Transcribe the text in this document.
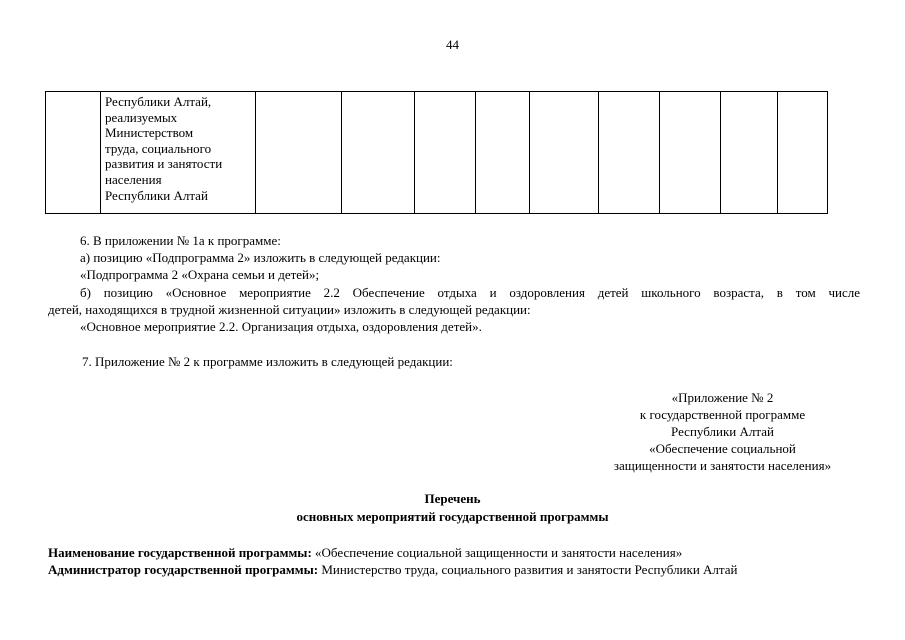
44

Республики Алтай,
реализуемых
Министерством
труда, социального
развития и занятости
населения
Республики Алтай

6. В приложении № 1а к программе:
а) позицию «Подпрограмма 2» изложить в следующей редакции:
«Подпрограмма 2 «Охрана семьи и детей»;
б) позицию «Основное мероприятие 2.2 Обеспечение отдыха и оздоровления детей школьного возраста, в том числе
детей, находящихся в трудной жизненной ситуации» изложить в следующей редакции:
«Основное мероприятие 2.2. Организация отдыха, оздоровления детей».
7. Приложение № 2 к программе изложить в следующей редакции:
«Приложение № 2
к государственной программе
Республики Алтай
«Обеспечение социальной
защищенности и занятости населения»
Перечень
основных мероприятий государственной программы
Наименование государственной программы: «Обеспечение социальной защищенности и занятости населения»
Администратор государственной программы: Министерство труда, социального развития и занятости Республики Алтай
